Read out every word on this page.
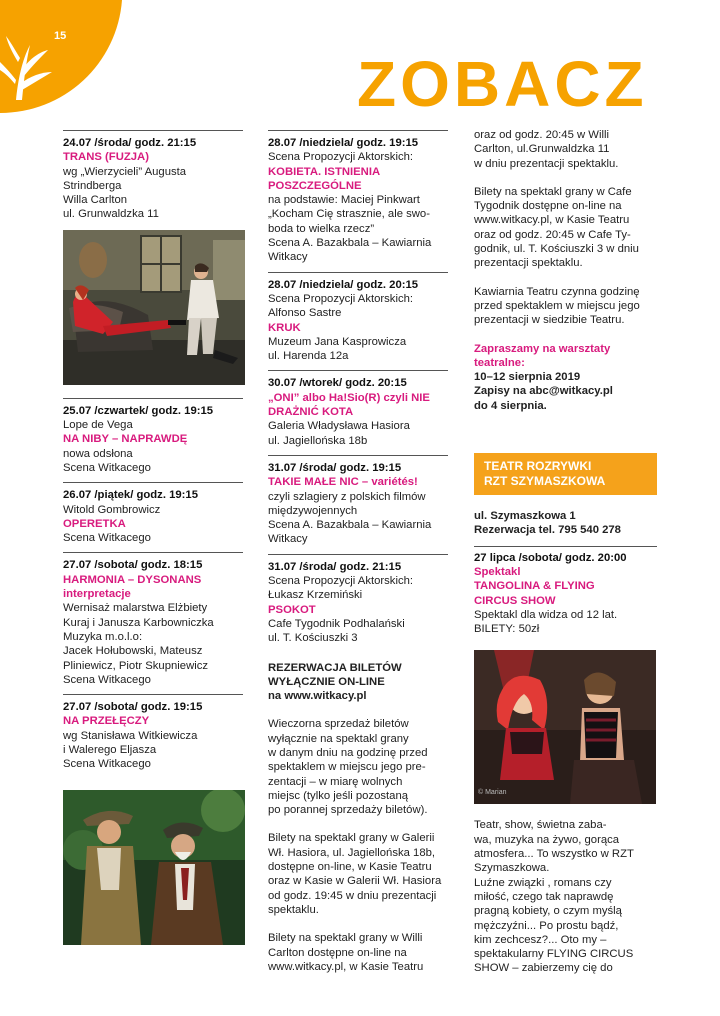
15
ZOBACZ
24.07 /środa/ godz. 21:15
TRANS (FUZJA)
wg „Wierzycieli” Augusta
Strindberga
Willa Carlton
ul. Grunwaldzka 11
25.07 /czwartek/ godz. 19:15
Lope de Vega
NA NIBY – NAPRAWDĘ
nowa odsłona
Scena Witkacego
26.07 /piątek/ godz. 19:15
Witold Gombrowicz
OPERETKA
Scena Witkacego
27.07 /sobota/ godz. 18:15
HARMONIA – DYSONANS
interpretacje
Wernisaż malarstwa Elżbiety
Kuraj i Janusza Karbowniczka
Muzyka m.o.l.o:
Jacek Hołubowski, Mateusz
Pliniewicz, Piotr Skupniewicz
Scena Witkacego
27.07 /sobota/ godz. 19:15
NA PRZEŁĘCZY
wg Stanisława Witkiewicza
i Walerego Eljasza
Scena Witkacego
28.07 /niedziela/ godz. 19:15
Scena Propozycji Aktorskich:
KOBIETA. ISTNIENIA
POSZCZEGÓLNE
na podstawie: Maciej Pinkwart
„Kocham Cię strasznie, ale swo-
boda to wielka rzecz”
Scena A. Bazakbala – Kawiarnia
Witkacy
28.07 /niedziela/ godz. 20:15
Scena Propozycji Aktorskich:
Alfonso Sastre
KRUK
Muzeum Jana Kasprowicza
ul. Harenda 12a
30.07 /wtorek/ godz. 20:15
„ONI” albo Ha!Sio(R) czyli NIE
DRAŻNIĆ KOTA
Galeria Władysława Hasiora
ul. Jagiellońska 18b
31.07 /środa/ godz. 19:15
TAKIE MAŁE NIC – variétés!
czyli szlagiery z polskich filmów
międzywojennych
Scena A. Bazakbala – Kawiarnia
Witkacy
31.07 /środa/ godz. 21:15
Scena Propozycji Aktorskich:
Łukasz Krzemiński
PSOKOT
Cafe Tygodnik Podhalański
ul. T. Kościuszki 3
REZERWACJA BILETÓW
WYŁĄCZNIE ON-LINE
na www.witkacy.pl
Wieczorna sprzedaż biletów
wyłącznie na spektakl grany
w danym dniu na godzinę przed
spektaklem w miejscu jego pre-
zentacji – w miarę wolnych
miejsc (tylko jeśli pozostaną
po porannej sprzedaży biletów).
Bilety na spektakl grany w Galerii
Wł. Hasiora, ul. Jagiellońska 18b,
dostępne on-line, w Kasie Teatru
oraz w Kasie w Galerii Wł. Hasiora
od godz. 19:45 w dniu prezentacji
spektaklu.
Bilety na spektakl grany w Willi
Carlton dostępne on-line na
www.witkacy.pl, w Kasie Teatru
oraz od godz. 20:45 w Willi
Carlton, ul.Grunwaldzka 11
w dniu prezentacji spektaklu.
Bilety na spektakl grany w Cafe
Tygodnik dostępne on-line na
www.witkacy.pl, w Kasie Teatru
oraz od godz. 20:45 w Cafe Ty-
godnik, ul. T. Kościuszki 3 w dniu
prezentacji spektaklu.
Kawiarnia Teatru czynna godzinę
przed spektaklem w miejscu jego
prezentacji w siedzibie Teatru.
Zapraszamy na warsztaty
teatralne:
10–12 sierpnia 2019
Zapisy na abc@witkacy.pl
do 4 sierpnia.
TEATR ROZRYWKI
RZT SZYMASZKOWA
ul. Szymaszkowa 1
Rezerwacja tel. 795 540 278
27 lipca /sobota/ godz. 20:00
Spektakl
TANGOLINA & FLYING
CIRCUS SHOW
Spektakl dla widza od 12 lat.
BILETY: 50zł
© Marian
Teatr, show, świetna zaba-
wa, muzyka na żywo, gorąca
atmosfera... To wszystko w RZT
Szymaszkowa.
Luźne związki , romans czy
miłość, czego tak naprawdę
pragną kobiety, o czym myślą
mężczyźni... Po prostu bądź,
kim zechcesz?... Oto my –
spektakularny FLYING CIRCUS
SHOW – zabierzemy cię do
